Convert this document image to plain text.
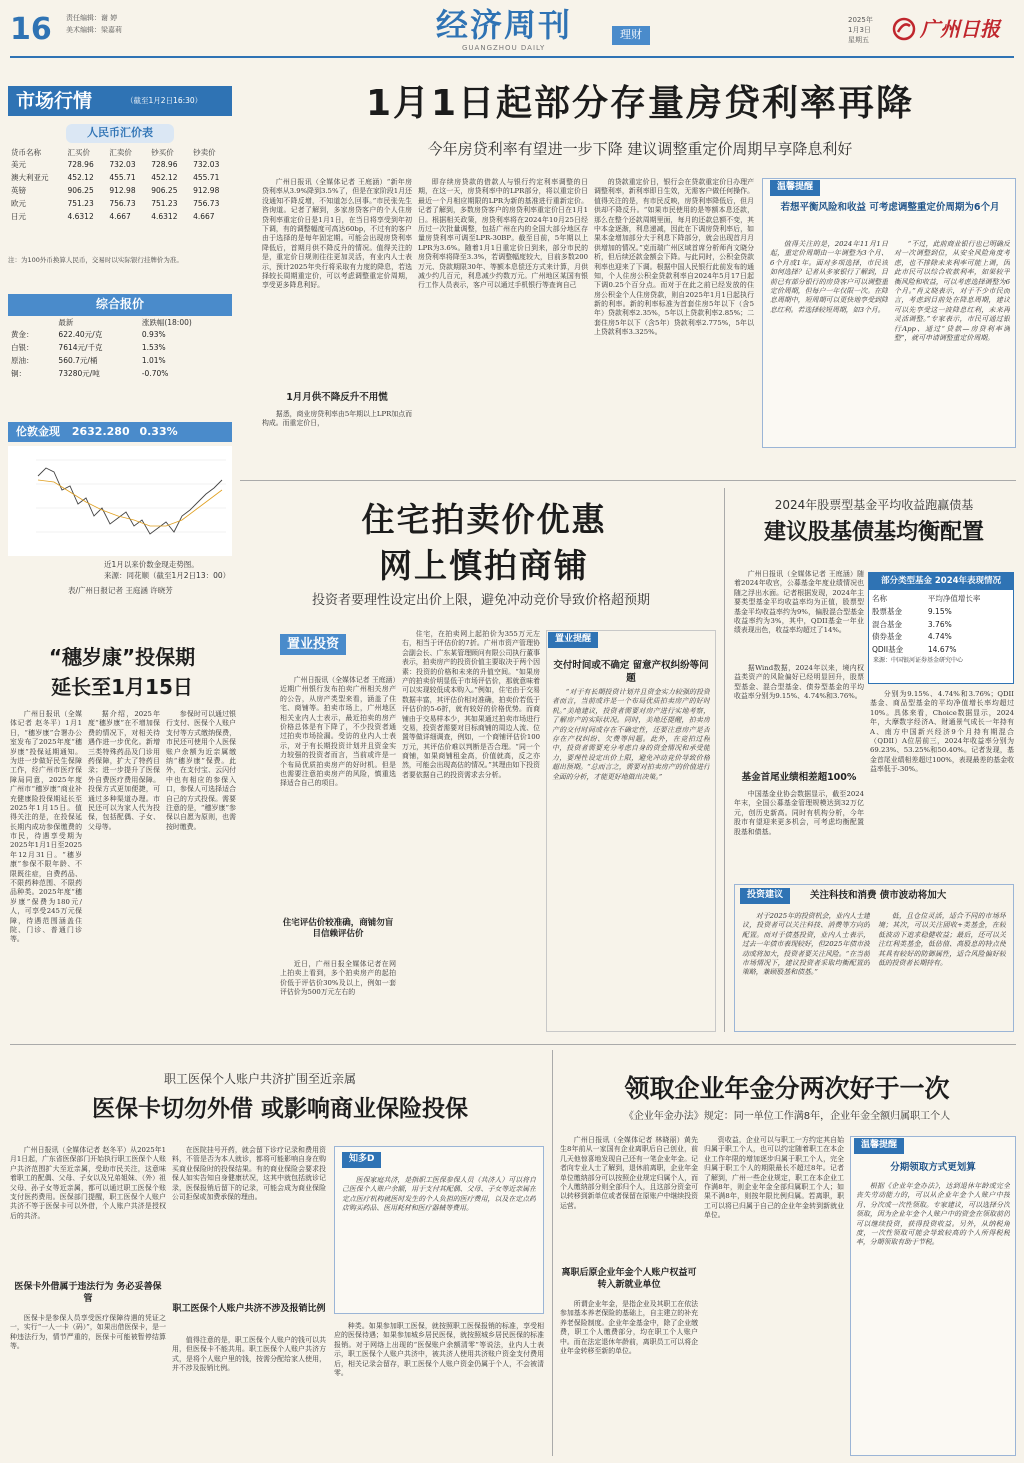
16 责任编辑：谢 婷
美术编辑：梁嘉莉	经济周刊
GUANGZHOU DAILY
理财
2025年
1月3日
星期五	广州日报
市场行情	（截至1月2日16:30）
人民币汇价表
货币名称	汇买价	汇卖价	钞买价	钞卖价
美元	728.96	732.03	728.96	732.03
澳大利亚元	452.12	455.71	452.12	455.71
英镑	906.25	912.98	906.25	912.98
欧元	751.23	756.73	751.23	756.73
日元	4.6312	4.667	4.6312	4.667
注：为100外币换算人民币，交易时以实际银行挂牌价为准。
综合报价
	最新	涨跌幅(18:00)
黄金：	622.40元/克	0.93%
白银：	7614元/千克	1.53%
原油：	560.7元/桶	1.01%
铜：	73280元/吨	-0.70%
伦敦金现 2632.280 0.33%
近1月以来价数金现走势图。
来源：同花顺（截至1月2日13：00）
表/广州日报记者 王庭涵 许晓芳
1月1日起部分存量房贷利率再降
今年房贷利率有望进一步下降 建议调整重定价周期早享降息利好

广州日报讯（全媒体记者 王庭涵）“新年房贷利率从3.9%降到3.5%了，但是在家阶段1月还没通知不降反增，不知道怎么回事。”市民张先生咨询道。记者了解到，多家房贷客户的个人住房贷利率重定价日是1月1日，在当日将享受到年初下调，有的调整幅度可高达60bp，不过有的客户由于选择的是每年固定期。可能会出现房贷利率降低后，首期月供不降反升的情况。值得关注的是，重定价日规则往往更加灵活，有业内人士表示，预计2025年央行将采取有力度的降息，若选择较长周期重定价，可以考虑调整重定价周期，享受更多降息利好。

1月月供不降反升不用慌

据悉，商业房贷利率由5年期以上LPR加点而构成。而重定价日，

即存续房贷款的借款人与银行约定利率调整的日期，在这一天，房贷利率中的LPR部分，将以重定价日最近一个月相应期限的LPR为新的基准进行重新定价。记者了解到，多数房贷客户的房贷利率重定价日在1月1日。根据相关政策，房贷利率将在2024年10月25日经历过一次批量调整，包括广州在内的全国大部分地区存量房贷利率可调至LPR-30BP。截至目前，5年期以上LPR为3.6%。随着1月1日重定价日到来，部分市民的房贷利率将降至3.3%，若调整幅度较大，目前多数200万元、贷款期限30年、等额本息偿还方式来计算，月供减少约几百元，利息减少约数万元。广州地区某国有银行工作人员表示，客户可以通过手机银行等查询自己

的贷款重定价日，银行会在贷款重定价日办理产调整利率，新利率即日生效，无需客户做任何操作。值得关注的是，有市民反映，房贷利率降低后，但月供却不降反升。“如果市民使用的是等额本息还款，那么在整个还款周期里面，每月的还款总额不变，其中本金逐渐，利息递减，因此在下调房贷利率后，如果本金增加部分大于利息下降部分，就会出现首月月供增加的情况。”克而瑞广州区域首席分析师肖文晓分析，但后续还款金额会下降。与此同时，公积金贷款利率也迎来了下调。根据中国人民银行此前发布的通知，个人住房公积金贷款利率自2024年5月17日起下调0.25个百分点。而对于在此之前已经发放的住房公积金个人住房贷款，则自2025年1月1日起执行新的利率。新的利率标准为首套住房5年以下（含5年）贷款利率2.35%，5年以上贷款利率2.85%；二套住房5年以下（含5年）贷款利率2.775%，5年以上贷款利率3.325%。

温馨提醒
若想平衡风险和收益 可考虑调整重定价周期为6个月

值得关注的是，2024年11月1日起，重定价周期由一年调整为3个月、6个月或1年。面对多项选择，市民该如何选择？记者从多家银行了解到，目前已有部分银行的房贷客户可以调整重定价周期，但每户一年仅限一次。在降息周期中，短周期可以更快地享受到降息红利。若选择较短周期，如3个月。

“不过，此前商业银行也已明确反对一次调整到位，从安全风险角度考虑，也不排除未来利率可能上调，因此市民可以综合收款利率，如果较平衡风险和收益，可以考虑选择调整为6个月。”肖文晓表示，对于不少市民而言，考虑到目前处在降息周期，建议可以先享受这一波降息红利，未来再灵活调整。”专家表示，市民可通过银行App、通过“贷款—房贷利率调整”，就可申请调整重定价周期。

住宅拍卖价优惠
网上慎拍商铺
投资者要理性设定出价上限，避免冲动竞价导致价格超预期
置业投资

广州日报讯（全媒体记者 王庭涵）近期广州银行发布拍卖广州相关房产的公告，从房产类型来看，涵盖了住宅、商铺等。拍卖市场上，广州地区相关业内人士表示，最近拍卖的房产价格总体是有下降了，不少投资者通过拍卖市场捡漏。受访的业内人士表示，对于有长期投资计划并且资金实力较强的投资者而言，当前或许是一个布局优质拍卖房产的好时机。但是也需要注意拍卖房产的风险，慎重选择适合自己的项目。

住宅评估价较准确，商铺勿盲目信赖评估价

近日，广州日报全媒体记者在网上拍卖上看到，多个拍卖房产的起拍价低于评估价30%及以上，例如一套评估价为500万元左右的

住宅，在拍卖网上起拍价为355万元左右，相当于评估价的7折。广州市资产管理协会副会长、广东某管理顾问有限公司执行董事表示，拍卖房产的投资价值主要取决于两个因素：投资的价格和未来的升值空间。“如果房产的拍卖价明显低于市场评估价，那就意味着可以实现较低成本购入。”例如，住宅由于交易数据丰富，其评估价相对准确，拍卖价若低于评估价的5-6折，就有较好的价格优势。而商铺由于交易样本少，其如果通过拍卖市场进行交易，投资者需要对目标商铺的周边人流、位置等做详细调查，例如，一个商铺评估价100万元，其评估价难以判断是否合理。“同一个商铺，如果商铺租金高，价值就高，反之亦然，可能会出现高估的情况。”其理由如下投资者要依据自己的投资需求去分析。

置业提醒
交付时间或不确定 留意产权纠纷等问题

“对于有长期投资计划并且资金实力较强的投资者而言，当前或许是一个布局优质拍卖房产的好时机。”美地建议，投资者需要对房产进行实地考察，了解房产的实际状况。同时，美地还提醒，拍卖房产的交付时间或存在不确定性，还要注意房产是否存在产权纠纷、欠费等问题。此外，在竞拍过程中，投资者需要充分考虑自身的资金情况和承受能力，要理性设定出价上限，避免冲动竞价导致价格超出预期。“总而言之，需要对拍卖房产的价值进行全面的分析，才能更好地做出决策。”

“穗岁康”投保期
延长至1月15日

广州日报讯（全媒体记者 赵冬平）1月1日，“穗岁康”合署办公室发布了2025年度“穗岁康”投保延期通知。为进一步做好民生保障工作，经广州市医疗保障局同意，2025年度广州市“穗岁康”商业补充健康险投保期延长至2025年1月15日。值得关注的是，在投保延长期内成功参保缴费的市民，待遇享受期为2025年1月1日至2025年12月31日。“穗岁康”参保不限年龄、不限既往症，自费药品、不限药种范围、不限药品种类。2025年度“穗岁康”保费为180元/人，可享受245万元保障，待遇范围涵盖住院、门诊、普通门诊等。

据介绍，2025年度“穗岁康”在不增加保费的情况下，对相关待遇作进一步优化。新增三类特殊药品及门诊用药保障，扩大了特药目录；进一步提升了医保外自费医疗费用保障。投保方式更加便捷，可通过多种渠道办理。市民还可以为家人代为投保，包括配偶、子女、父母等。

参保时可以通过银行支付、医保个人账户支付等方式缴纳保费，市民还可使用个人医保账户余额为近亲属缴纳“穗岁康”保费。此外，在支付宝、云闪付中也有相应的参保入口，参保人可选择适合自己的方式投保。需要注意的是，“穗岁康”参保以自愿为原则，也需按时缴费。

2024年股票型基金平均收益跑赢债基
建议股基债基均衡配置

广州日报讯（全媒体记者 王庭涵）随着2024年收官，公募基金年度业绩情况也随之浮出水面。记者根据发现，2024年主要类型基金平均收益率均为正值，股票型基金平均收益率约为9%，偏股混合型基金收益率约为3%，其中，QDII基金一年业绩表现出色，收益率均超过了14%。

部分类型基金 2024年表现情况
名称	平均净值增长率
股票基金	9.15%
混合基金	3.76%
债券基金	4.74%
QDII基金	14.67%
来源：中国银河证券基金研究中心

据Wind数据，2024年以来，境内权益类资产的风险偏好已经明显回升，股票型基金、混合型基金、债券型基金的平均收益率分别为9.15%、4.74%和3.76%。

基金首尾业绩相差超100%

中国基金业协会数据显示，截至2024年末，全国公募基金管理规模达到32万亿元，创历史新高。同时有机构分析，今年股市有望迎来更多机会，可考虑均衡配置股基和债基。

分别为9.15%、4.74%和3.76%；QDII基金、商品型基金的平均净值增长率均超过10%。具体来看，Choice数据显示，2024年，大摩数字经济A、财通景气成长一年持有A、南方中国新兴经济9个月持有期混合（QDII）A位居前三，2024年收益率分别为69.23%、53.25%和50.40%。记者发现，基金首尾业绩相差超过100%，表现最差的基金收益率低于-30%。

投资建议	关注科技和消费 债市波动将加大

对于2025年的投资机会，业内人士建议，投资者可以关注科技、消费等方向的配置。而对于债基投资，业内人士表示，过去一年债市表现较好，但2025年债市波动或将加大，投资者要关注风险。“在当前市场情况下，建议投资者采取均衡配置的策略，兼顾股基和债基。”

低，且仓位灵活，适合不同的市场环境；其次，可以关注固收+类基金，在较低波动下追求稳健收益；最后，还可以关注红利类基金，低估值、高股息的特点使其具有较好的防御属性，适合风险偏好较低的投资者长期持有。

职工医保个人账户共济扩围至近亲属
医保卡切勿外借 或影响商业保险投保

广州日报讯（全媒体记者 赵冬平）从2025年1月1日起，广东省医保部门开始执行职工医保个人账户共济范围扩大至近亲属，受助市民关注，这意味着职工的配偶、父母、子女以及兄弟姐妹、（外）祖父母、孙子女等近亲属，都可以通过职工医保个账支付医药费用。医保部门提醒，职工医保个人账户共济不等于医保卡可以外借，个人账户共济是授权后的共济。

医保卡外借属于违法行为 务必妥善保管

医保卡是参保人员享受医疗保障待遇的凭证之一，实行“一人一卡（码）”，如果出借医保卡，是一种违法行为，情节严重的，医保卡可能被暂停结算等。

在医院挂号开药，就会留下诊疗记录和费用资料，不管是否为本人就诊，都将可能影响自身在购买商业保险时的投保结果。有的商业保险会要求投保人如实告知自身健康状况，这其中就包括就诊记录，医保报销后留下的记录，可能会成为商业保险公司拒保或加费承保的理由。

职工医保个人账户共济不涉及报销比例

值得注意的是，职工医保个人账户的钱可以共用，但医保卡不能共用。职工医保个人账户共济方式，是将个人账户里的钱，按需分配给家人使用，并不涉及报销比例。

知多D

医保家庭共济，是指职工医保参保人员（共济人）可以将自己医保个人账户余额，用于支付其配偶、父母、子女等近亲属在定点医疗机构就医时发生的个人负担的医疗费用，以及在定点药店购买药品、医用耗材和医疗器械等费用。

种类。如果参加职工医保，就按照职工医保报销的标准，享受相应的医保待遇；如果参加城乡居民医保，就按照城乡居民医保的标准报销。对于网络上出现的“医保账户余额清零”等说法，业内人士表示，职工医保个人账户共济中，被共济人使用共济账户资金支付费用后，相关记录会留存，职工医保个人账户资金仍属于个人，不会被清零。

领取企业年金分两次好于一次
《企业年金办法》规定：同一单位工作满8年，企业年金全额归属职工个人

广州日报讯（全媒体记者 林晓丽）黄先生8年前从一家国有企业离职后自己创业，前几天他惊喜地发现自己还有一笔企业年金。记者向专业人士了解到，退休前离职，企业年金单位缴纳部分可以按照企业规定归属个人，而个人缴纳部分则全部归个人，且这部分资金可以转移到新单位或者保留在原账户中继续投资运营。

离职后原企业年金个人账户权益可转入新就业单位

所谓企业年金，是指企业及其职工在依法参加基本养老保险的基础上，自主建立的补充养老保险制度。企业年金基金中，除了企业缴费，职工个人缴费部分，均在职工个人账户中。而在法定退休年龄前，离职员工可以将企业年金转移至新的单位。

资收益，企业可以与职工一方约定其自始归属于职工个人，也可以约定随着职工在本企业工作年限的增加逐步归属于职工个人，完全归属于职工个人的期限最长不超过8年。记者了解到，广州一些企业规定，职工在本企业工作满8年，则企业年金全部归属职工个人；如果不满8年，则按年限比例归属。若离职，职工可以将已归属于自己的企业年金转到新就业单位。

温馨提醒
分期领取方式更划算

根据《企业年金办法》，达到退休年龄或完全丧失劳动能力的，可以从企业年金个人账户中按月、分次或一次性领取。专家建议，可以选择分次领取，因为企业年金个人账户中的资金在领取前仍可以继续投资，获得投资收益。另外，从纳税角度，一次性领取可能会导致较高的个人所得税税率，分期领取有助于节税。
